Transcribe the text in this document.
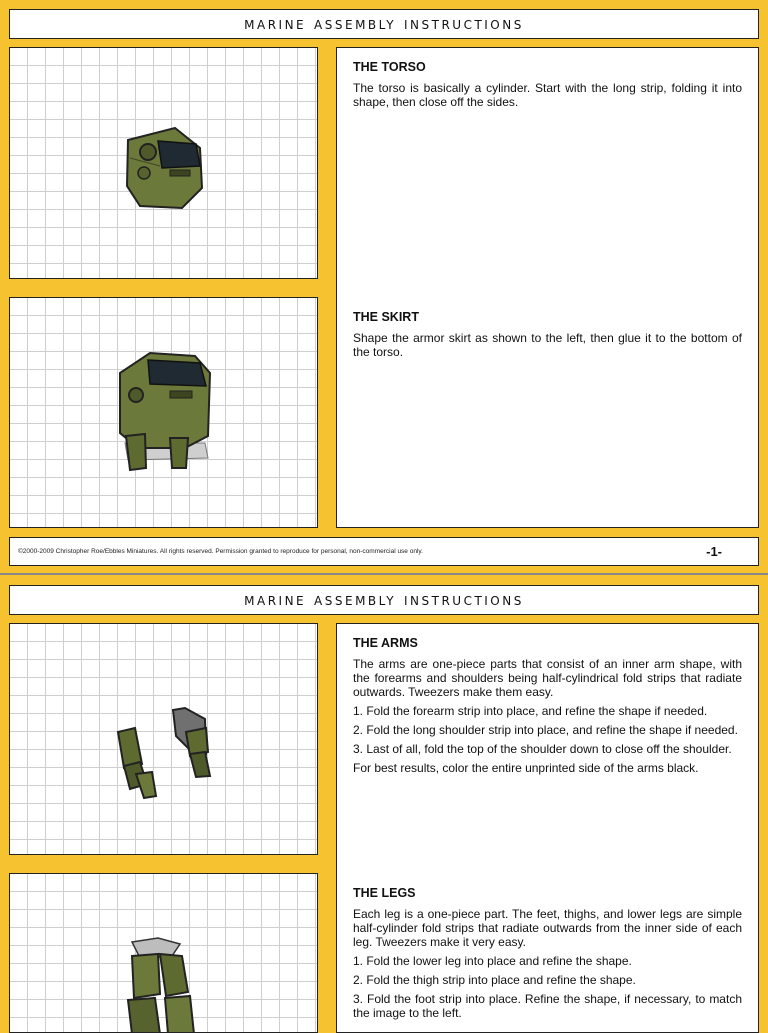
marine assembly instructions
THE TORSO

The torso is basically a cylinder. Start with the long strip, folding it into shape, then close off the sides.

THE SKIRT

Shape the armor skirt as shown to the left, then glue it to the bottom of the torso.

©2000-2009 Christopher Roe/Ebbles Miniatures. All rights reserved. Permission granted to reproduce for personal, non-commercial use only.	-1-
marine assembly instructions
THE ARMS

The arms are one-piece parts that consist of an inner arm shape, with the forearms and shoulders being half-cylindrical fold strips that radiate outwards. Tweezers make them easy.

1. Fold the forearm strip into place, and refine the shape if needed.

2. Fold the long shoulder strip into place, and refine the shape if needed.

3. Last of all, fold the top of the shoulder down to close off the shoulder.

For best results, color the entire unprinted side of the arms black.

THE LEGS

Each leg is a one-piece part. The feet, thighs, and lower legs are simple half-cylinder fold strips that radiate outwards from the inner side of each leg. Tweezers make it very easy.

1. Fold the lower leg into place and refine the shape.

2. Fold the thigh strip into place and refine the shape.

3. Fold the foot strip into place. Refine the shape, if necessary, to match the image to the left.
